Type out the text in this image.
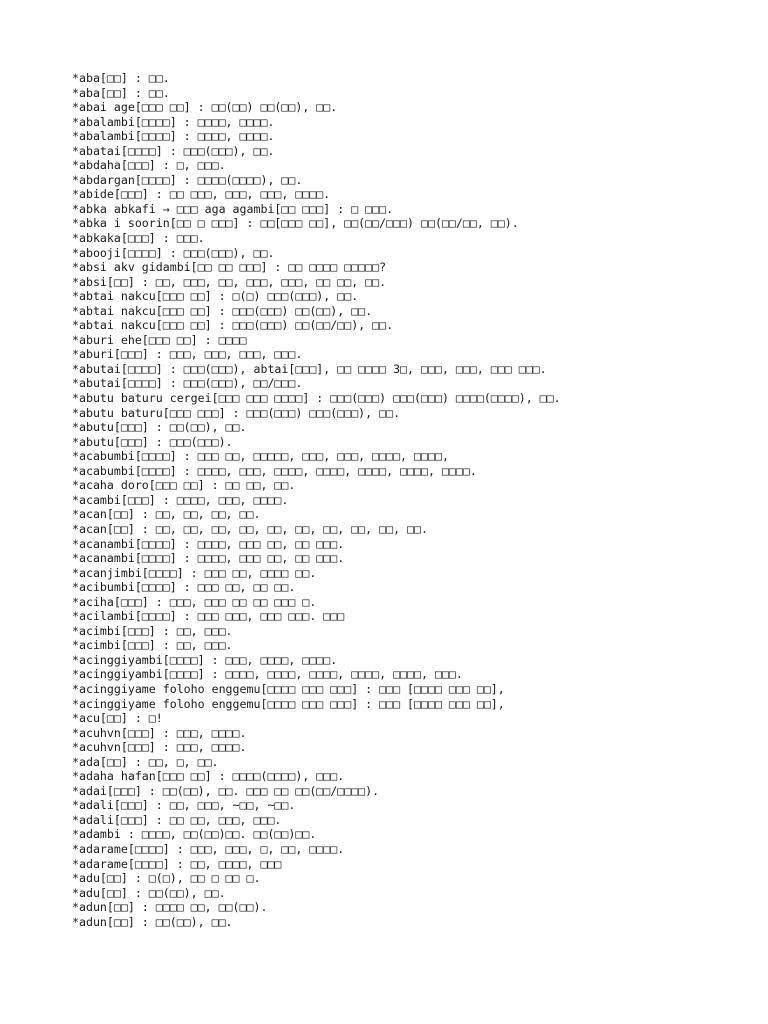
*aba[□□] : □□.
*aba[□□] : □□.
*abai age[□□□ □□] : □□(□□) □□(□□), □□.
*abalambi[□□□□] : □□□□, □□□□.
*abalambi[□□□□] : □□□□, □□□□.
*abatai[□□□□] : □□□(□□□), □□.
*abdaha[□□□] : □, □□□.
*abdargan[□□□□] : □□□□(□□□□), □□.
*abide[□□□] : □□ □□□, □□□, □□□, □□□□.
*abka abkafi → □□□ aga agambi[□□ □□□] : □ □□□.
*abka i soorin[□□ □ □□□] : □□[□□□ □□], □□(□□/□□□) □□(□□/□□, □□).
*abkaka[□□□] : □□□.
*abooji[□□□□] : □□□(□□□), □□.
*absi akv gidambi[□□ □□ □□□] : □□ □□□□ □□□□□?
*absi[□□] : □□, □□□, □□, □□□, □□□, □□ □□, □□.
*abtai nakcu[□□□ □□] : □(□) □□□(□□□), □□.
*abtai nakcu[□□□ □□] : □□□(□□□) □□(□□), □□.
*abtai nakcu[□□□ □□] : □□□(□□□) □□(□□/□□), □□.
*aburi ehe[□□□ □□] : □□□□
*aburi[□□□] : □□□, □□□, □□□, □□□.
*abutai[□□□□] : □□□(□□□), abtai[□□□], □□ □□□□ 3□, □□□, □□□, □□□ □□□.
*abutai[□□□□] : □□□(□□□), □□/□□□.
*abutu baturu cergei[□□□ □□□ □□□□] : □□□(□□□) □□□(□□□) □□□□(□□□□), □□.
*abutu baturu[□□□ □□□] : □□□(□□□) □□□(□□□), □□.
*abutu[□□□] : □□(□□), □□.
*abutu[□□□] : □□□(□□□).
*acabumbi[□□□□] : □□□ □□, □□□□□, □□□, □□□, □□□□, □□□□,
*acabumbi[□□□□] : □□□□, □□□, □□□□, □□□□, □□□□, □□□□, □□□□.
*acaha doro[□□□ □□] : □□ □□, □□.
*acambi[□□□] : □□□□, □□□, □□□□.
*acan[□□] : □□, □□, □□, □□.
*acan[□□] : □□, □□, □□, □□, □□, □□, □□, □□, □□, □□.
*acanambi[□□□□] : □□□□, □□□ □□, □□ □□□.
*acanambi[□□□□] : □□□□, □□□ □□, □□ □□□.
*acanjimbi[□□□□] : □□□ □□, □□□□ □□.
*acibumbi[□□□□] : □□□ □□, □□ □□.
*aciha[□□□] : □□□, □□□ □□ □□ □□□ □.
*acilambi[□□□□] : □□□ □□□, □□□ □□□. □□□
*acimbi[□□□] : □□, □□□.
*acimbi[□□□] : □□, □□□.
*acinggiyambi[□□□□] : □□□, □□□□, □□□□.
*acinggiyambi[□□□□] : □□□□, □□□□, □□□□, □□□□, □□□□, □□□.
*acinggiyame foloho enggemu[□□□□ □□□ □□□] : □□□ [□□□□ □□□ □□],
*acinggiyame foloho enggemu[□□□□ □□□ □□□] : □□□ [□□□□ □□□ □□],
*acu[□□] : □!
*acuhvn[□□□] : □□□, □□□□.
*acuhvn[□□□] : □□□, □□□□.
*ada[□□] : □□, □, □□.
*adaha hafan[□□□ □□] : □□□□(□□□□), □□□.
*adai[□□□] : □□(□□), □□. □□□ □□ □□(□□/□□□□).
*adali[□□□] : □□, □□□, ~□□, ~□□.
*adali[□□□] : □□ □□, □□□, □□□.
*adambi : □□□□, □□(□□)□□. □□(□□)□□.
*adarame[□□□□] : □□□, □□□, □, □□, □□□□.
*adarame[□□□□] : □□, □□□□, □□□
*adu[□□] : □(□), □□ □ □□ □.
*adu[□□] : □□(□□), □□.
*adun[□□] : □□□□ □□, □□(□□).
*adun[□□] : □□(□□), □□.
